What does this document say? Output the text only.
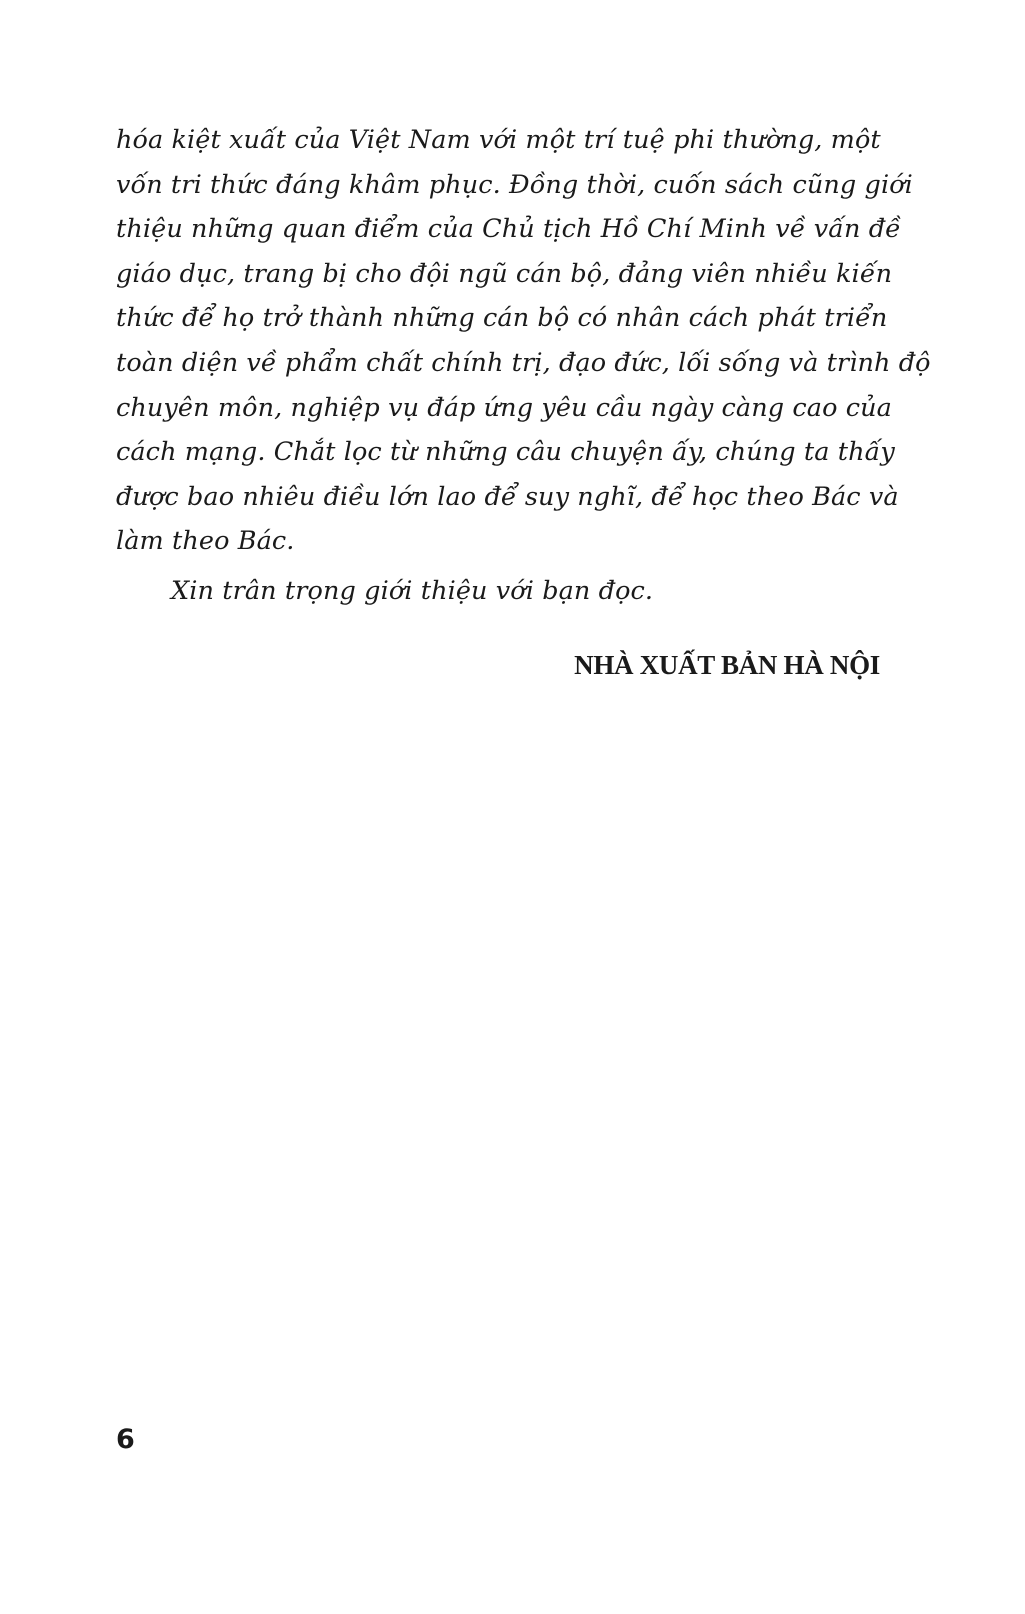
hóa kiệt xuất của Việt Nam với một trí tuệ phi thường, một
vốn tri thức đáng khâm phục. Đồng thời, cuốn sách cũng giới
thiệu những quan điểm của Chủ tịch Hồ Chí Minh về vấn đề
giáo dục, trang bị cho đội ngũ cán bộ, đảng viên nhiều kiến
thức để họ trở thành những cán bộ có nhân cách phát triển
toàn diện về phẩm chất chính trị, đạo đức, lối sống và trình độ
chuyên môn, nghiệp vụ đáp ứng yêu cầu ngày càng cao của
cách mạng. Chắt lọc từ những câu chuyện ấy, chúng ta thấy
được bao nhiêu điều lớn lao để suy nghĩ, để học theo Bác và
làm theo Bác.
Xin trân trọng giới thiệu với bạn đọc.
NHÀ XUẤT BẢN HÀ NỘI
6
